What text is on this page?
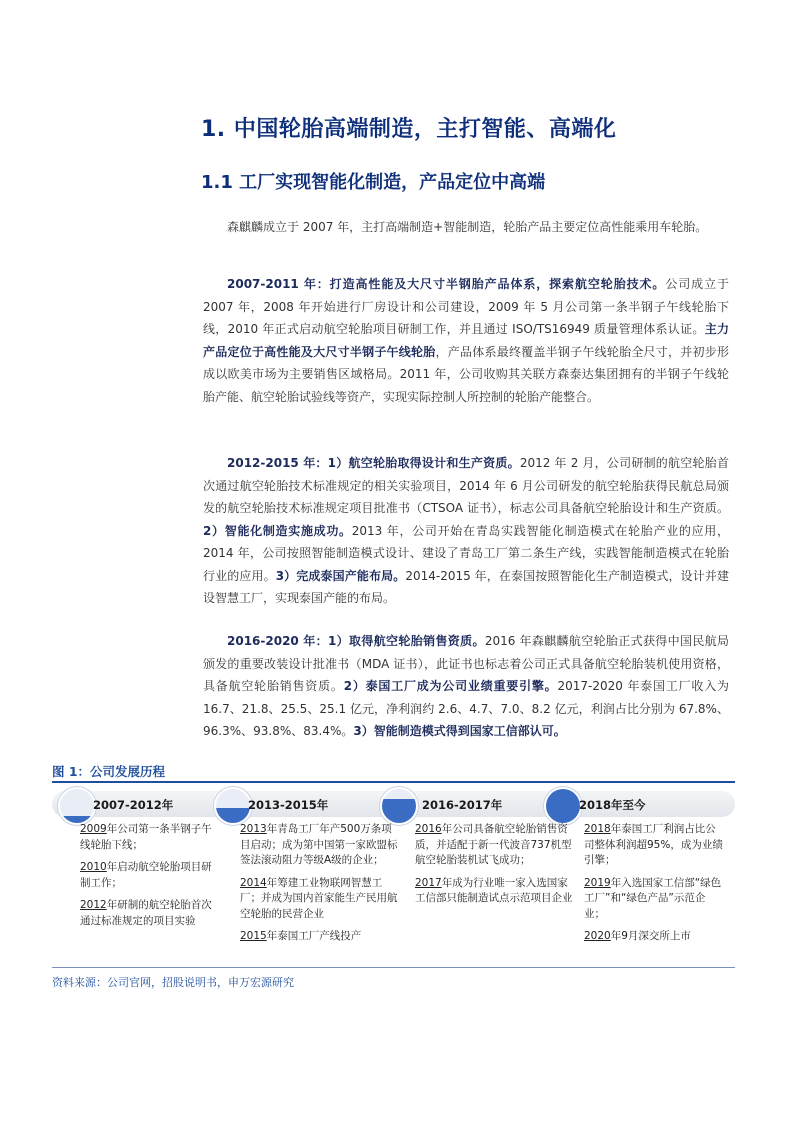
1. 中国轮胎高端制造，主打智能、高端化
1.1 工厂实现智能化制造，产品定位中高端

森麒麟成立于 2007 年，主打高端制造+智能制造，轮胎产品主要定位高性能乘用车轮胎。

2007-2011 年：打造高性能及大尺寸半钢胎产品体系，探索航空轮胎技术。公司成立于 2007 年，2008 年开始进行厂房设计和公司建设，2009 年 5 月公司第一条半钢子午线轮胎下线，2010 年正式启动航空轮胎项目研制工作，并且通过 ISO/TS16949 质量管理体系认证。主力产品定位于高性能及大尺寸半钢子午线轮胎，产品体系最终覆盖半钢子午线轮胎全尺寸，并初步形成以欧美市场为主要销售区域格局。2011 年，公司收购其关联方森泰达集团拥有的半钢子午线轮胎产能、航空轮胎试验线等资产，实现实际控制人所控制的轮胎产能整合。

2012-2015 年：1）航空轮胎取得设计和生产资质。2012 年 2 月，公司研制的航空轮胎首次通过航空轮胎技术标准规定的相关实验项目，2014 年 6 月公司研发的航空轮胎获得民航总局颁发的航空轮胎技术标准规定项目批准书（CTSOA 证书），标志公司具备航空轮胎设计和生产资质。2）智能化制造实施成功。2013 年，公司开始在青岛实践智能化制造模式在轮胎产业的应用，2014 年，公司按照智能制造模式设计、建设了青岛工厂第二条生产线，实践智能制造模式在轮胎行业的应用。3）完成泰国产能布局。2014-2015 年，在泰国按照智能化生产制造模式，设计并建设智慧工厂，实现泰国产能的布局。

2016-2020 年：1）取得航空轮胎销售资质。2016 年森麒麟航空轮胎正式获得中国民航局颁发的重要改装设计批准书（MDA 证书），此证书也标志着公司正式具备航空轮胎装机使用资格，具备航空轮胎销售资质。2）泰国工厂成为公司业绩重要引擎。2017-2020 年泰国工厂收入为 16.7、21.8、25.5、25.1 亿元，净利润约 2.6、4.7、7.0、8.2 亿元，利润占比分别为 67.8%、96.3%、93.8%、83.4%。3）智能制造模式得到国家工信部认可。

图 1：公司发展历程

2007-2012年	2013-2015年	2016-2017年	2018年至今
2009年公司第一条半钢子午线轮胎下线；
2010年启动航空轮胎项目研制工作；
2012年研制的航空轮胎首次通过标准规定的项目实验
2013年青岛工厂年产500万条项目启动；成为第中国第一家欧盟标签法滚动阻力等级A级的企业；
2014年筹建工业物联网智慧工厂；并成为国内首家能生产民用航空轮胎的民营企业
2015年泰国工厂产线投产
2016年公司具备航空轮胎销售资质，并适配于新一代波音737机型航空轮胎装机试飞成功；
2017年成为行业唯一家入选国家工信部只能制造试点示范项目企业
2018年泰国工厂利润占比公司整体利润超95%，成为业绩引擎；
2019年入选国家工信部“绿色工厂”和“绿色产品”示范企业；
2020年9月深交所上市

资料来源：公司官网，招股说明书，申万宏源研究
